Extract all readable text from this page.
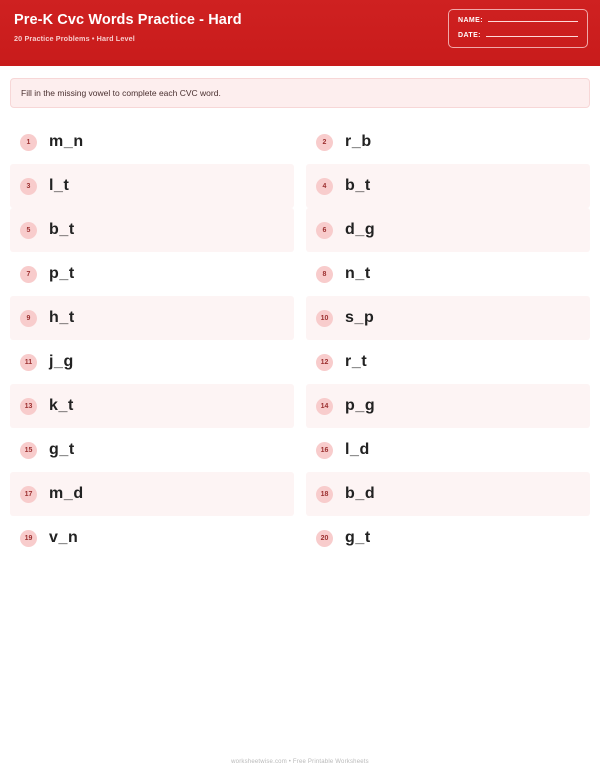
Pre-K Cvc Words Practice - Hard
20 Practice Problems • Hard Level
NAME:
DATE:
Fill in the missing vowel to complete each CVC word.
1	m_n	2	r_b
3	l_t	4	b_t
5	b_t	6	d_g
7	p_t	8	n_t
9	h_t	10 s_p
11 j_g	12 r_t
13 k_t	14 p_g
15 g_t	16 l_d
17 m_d	18 b_d
19 v_n	20 g_t
worksheetwise.com • Free Printable Worksheets
